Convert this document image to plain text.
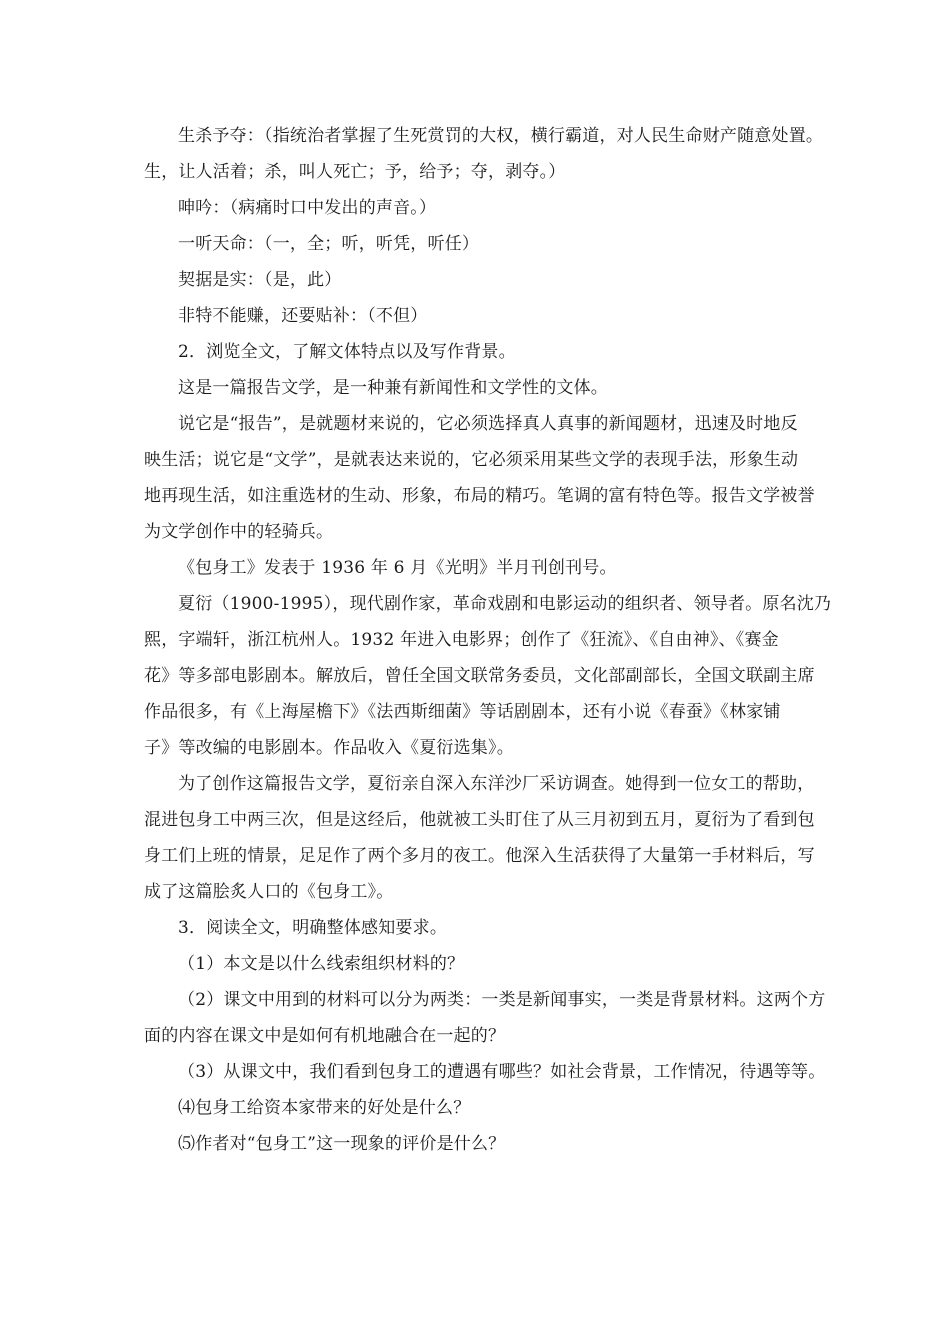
生杀予夺：（指统治者掌握了生死赏罚的大权，横行霸道，对人民生命财产随意处置。

生，让人活着；杀，叫人死亡；予，给予；夺，剥夺。）

呻吟：（病痛时口中发出的声音。）

一听天命：（一，全；听，听凭，听任）

契据是实：（是，此）

非特不能赚，还要贴补：（不但）

2．浏览全文，了解文体特点以及写作背景。

这是一篇报告文学，是一种兼有新闻性和文学性的文体。

说它是“报告”，是就题材来说的，它必须选择真人真事的新闻题材，迅速及时地反

映生活；说它是“文学”，是就表达来说的，它必须采用某些文学的表现手法，形象生动

地再现生活，如注重选材的生动、形象，布局的精巧。笔调的富有特色等。报告文学被誉

为文学创作中的轻骑兵。

《包身工》发表于 1936 年 6 月《光明》半月刊创刊号。

夏衍（1900-1995），现代剧作家，革命戏剧和电影运动的组织者、领导者。原名沈乃

熙，字端轩，浙江杭州人。1932 年进入电影界；创作了《狂流》、《自由神》、《赛金

花》等多部电影剧本。解放后，曾任全国文联常务委员，文化部副部长，全国文联副主席

作品很多，有《上海屋檐下》《法西斯细菌》等话剧剧本，还有小说《春蚕》《林家铺

子》等改编的电影剧本。作品收入《夏衍选集》。

为了创作这篇报告文学，夏衍亲自深入东洋沙厂采访调查。她得到一位女工的帮助，

混进包身工中两三次，但是这经后，他就被工头盯住了从三月初到五月，夏衍为了看到包

身工们上班的情景，足足作了两个多月的夜工。他深入生活获得了大量第一手材料后，写

成了这篇脍炙人口的《包身工》。

3．阅读全文，明确整体感知要求。

（1）本文是以什么线索组织材料的？

（2）课文中用到的材料可以分为两类：一类是新闻事实，一类是背景材料。这两个方

面的内容在课文中是如何有机地融合在一起的？

（3）从课文中，我们看到包身工的遭遇有哪些？如社会背景，工作情况，待遇等等。

⑷包身工给资本家带来的好处是什么？

⑸作者对“包身工”这一现象的评价是什么？
